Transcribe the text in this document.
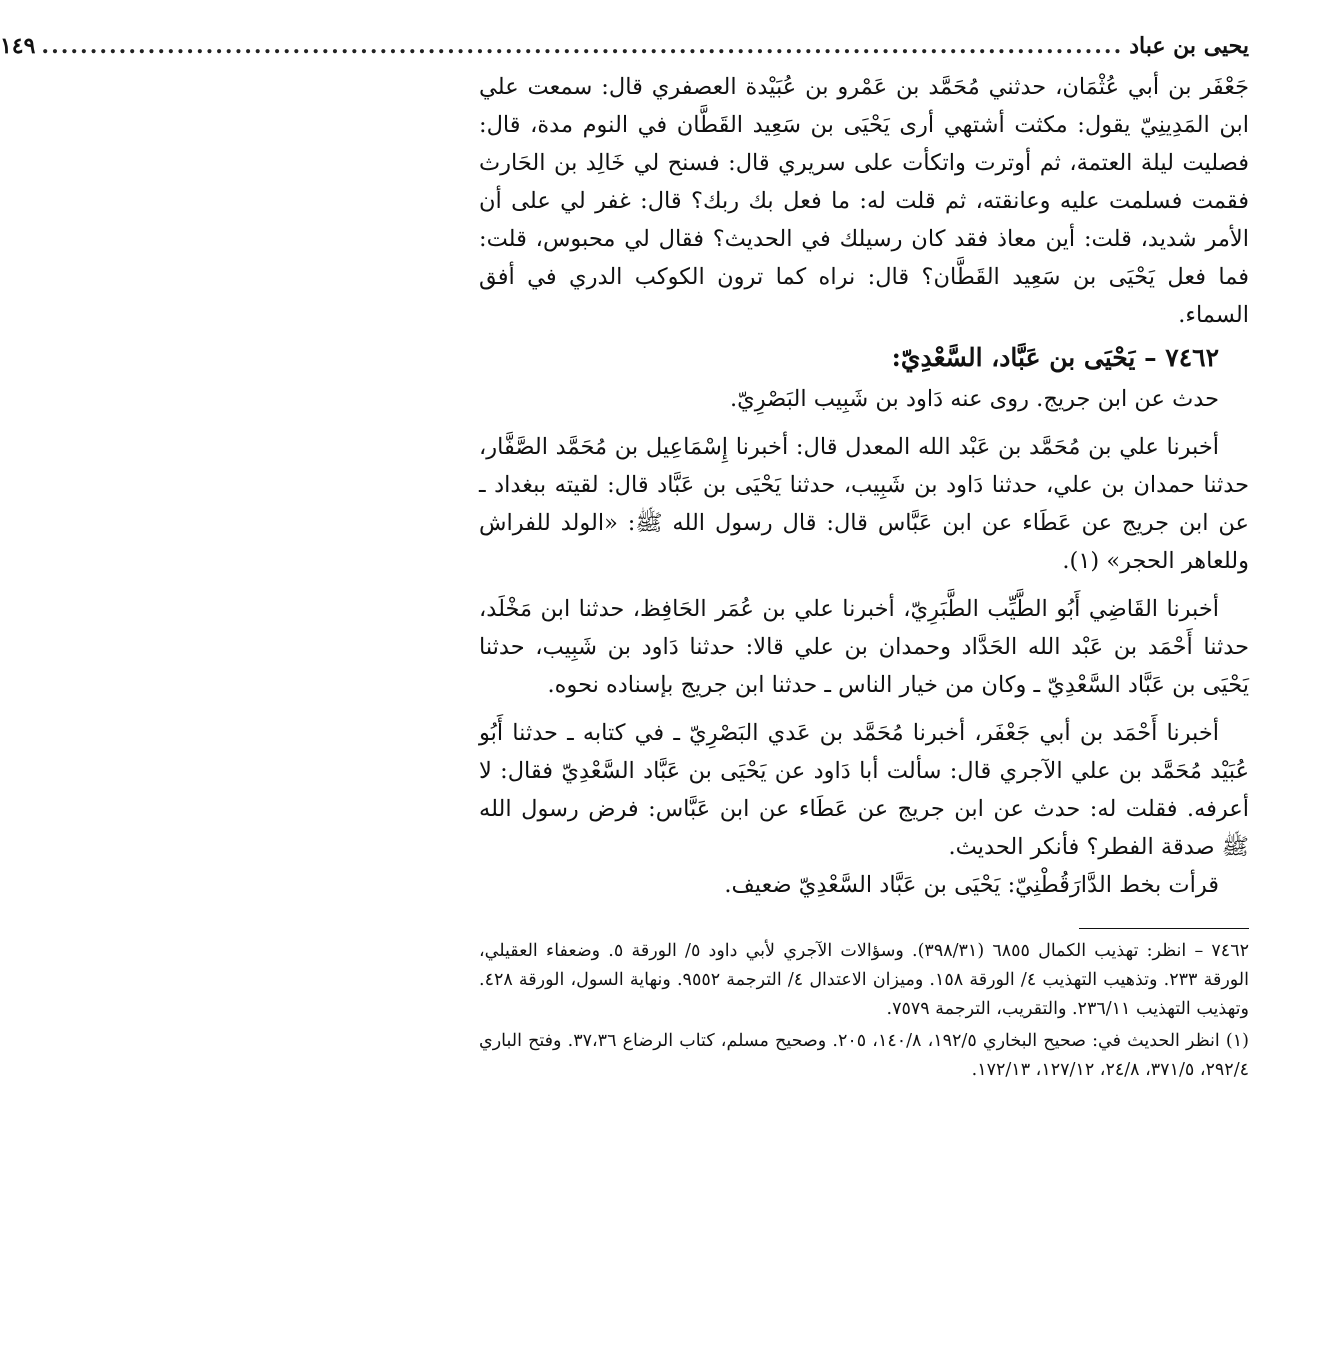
يحيى بن عباد
................................................................................................................
١٤٩

جَعْفَر بن أبي عُثْمَان، حدثني مُحَمَّد بن عَمْرو بن عُبَيْدة العصفري قال: سمعت علي ابن المَدِينِيّ يقول: مكثت أشتهي أرى يَحْيَى بن سَعِيد القَطَّان في النوم مدة، قال: فصليت ليلة العتمة، ثم أوترت واتكأت على سريري قال: فسنح لي خَالِد بن الحَارث فقمت فسلمت عليه وعانقته، ثم قلت له: ما فعل بك ربك؟ قال: غفر لي على أن الأمر شديد، قلت: أين معاذ فقد كان رسيلك في الحديث؟ فقال لي محبوس، قلت: فما فعل يَحْيَى بن سَعِيد القَطَّان؟ قال: نراه كما ترون الكوكب الدري في أفق السماء.

٧٤٦٢ – يَحْيَى بن عَبَّاد، السَّعْدِيّ:

حدث عن ابن جريج. روى عنه دَاود بن شَبِيب البَصْرِيّ.

أخبرنا علي بن مُحَمَّد بن عَبْد الله المعدل قال: أخبرنا إِسْمَاعِيل بن مُحَمَّد الصَّفَّار، حدثنا حمدان بن علي، حدثنا دَاود بن شَبِيب، حدثنا يَحْيَى بن عَبَّاد قال: لقيته ببغداد ـ عن ابن جريج عن عَطَاء عن ابن عَبَّاس قال: قال رسول الله ﷺ: «الولد للفراش وللعاهر الحجر» (١).

أخبرنا القَاضِي أَبُو الطَّيِّب الطَّبَرِيّ، أخبرنا علي بن عُمَر الحَافِظ، حدثنا ابن مَخْلَد، حدثنا أَحْمَد بن عَبْد الله الحَدَّاد وحمدان بن علي قالا: حدثنا دَاود بن شَبِيب، حدثنا يَحْيَى بن عَبَّاد السَّعْدِيّ ـ وكان من خيار الناس ـ حدثنا ابن جريج بإسناده نحوه.

أخبرنا أَحْمَد بن أبي جَعْفَر، أخبرنا مُحَمَّد بن عَدي البَصْرِيّ ـ في كتابه ـ حدثنا أَبُو عُبَيْد مُحَمَّد بن علي الآجري قال: سألت أبا دَاود عن يَحْيَى بن عَبَّاد السَّعْدِيّ فقال: لا أعرفه. فقلت له: حدث عن ابن جريج عن عَطَاء عن ابن عَبَّاس: فرض رسول الله ﷺ صدقة الفطر؟ فأنكر الحديث.

قرأت بخط الدَّارَقُطْنِيّ: يَحْيَى بن عَبَّاد السَّعْدِيّ ضعيف.

٧٤٦٢ – انظر: تهذيب الكمال ٦٨٥٥ (٣٩٨/٣١). وسؤالات الآجري لأبي داود ٥/ الورقة ٥. وضعفاء العقيلي، الورقة ٢٣٣. وتذهيب التهذيب ٤/ الورقة ١٥٨. وميزان الاعتدال ٤/ الترجمة ٩٥٥٢. ونهاية السول، الورقة ٤٢٨. وتهذيب التهذيب ٢٣٦/١١. والتقريب، الترجمة ٧٥٧٩.

(١) انظر الحديث في: صحيح البخاري ١٩٢/٥، ١٤٠/٨، ٢٠٥. وصحيح مسلم، كتاب الرضاع ٣٧،٣٦. وفتح الباري ٢٩٢/٤، ٣٧١/٥، ٢٤/٨، ١٢٧/١٢، ١٧٢/١٣.
